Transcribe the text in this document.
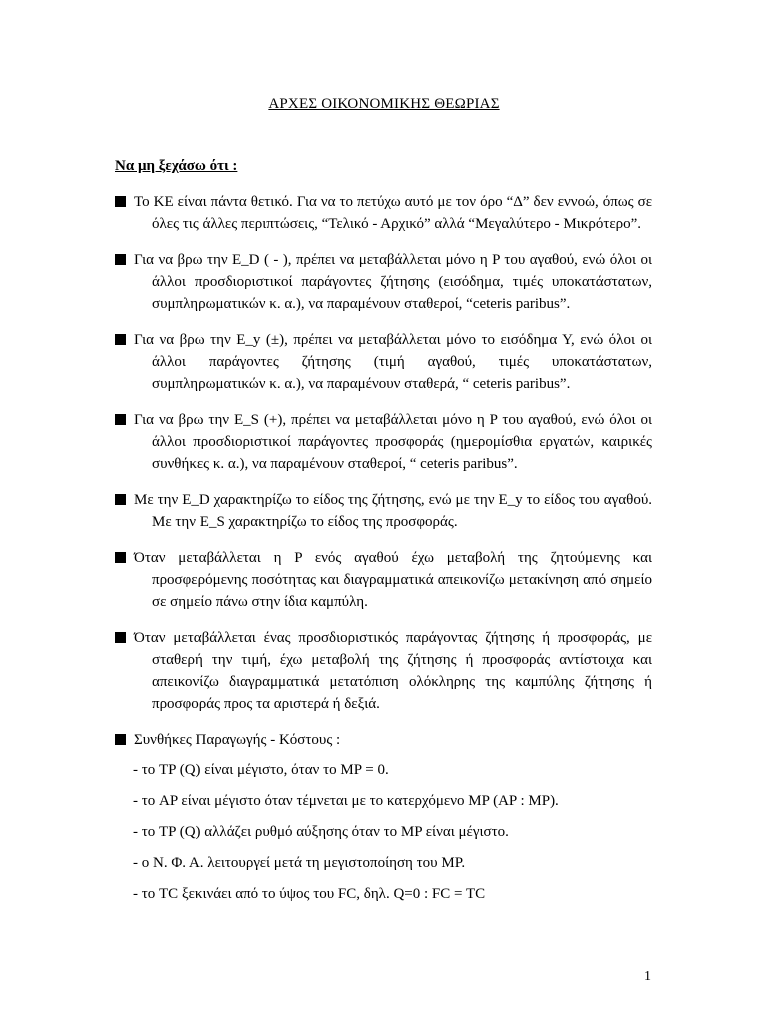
ΑΡΧΕΣ ΟΙΚΟΝΟΜΙΚΗΣ ΘΕΩΡΙΑΣ
Να μη ξεχάσω ότι :
Το ΚΕ είναι πάντα θετικό. Για να το πετύχω αυτό με τον όρο “Δ” δεν εννοώ, όπως σε όλες τις άλλες περιπτώσεις, “Τελικό - Αρχικό” αλλά “Μεγαλύτερο - Μικρότερο”.
Για να βρω την E_D ( - ), πρέπει να μεταβάλλεται μόνο η P του αγαθού, ενώ όλοι οι άλλοι προσδιοριστικοί παράγοντες ζήτησης (εισόδημα, τιμές υποκατάστατων, συμπληρωματικών κ. α.), να παραμένουν σταθεροί, “ceteris paribus”.
Για να βρω την E_y (±), πρέπει να μεταβάλλεται μόνο το εισόδημα Υ, ενώ όλοι οι άλλοι παράγοντες ζήτησης (τιμή αγαθού, τιμές υποκατάστατων, συμπληρωματικών κ. α.), να παραμένουν σταθερά, “ ceteris paribus”.
Για να βρω την E_S (+), πρέπει να μεταβάλλεται μόνο η P του αγαθού, ενώ όλοι οι άλλοι προσδιοριστικοί παράγοντες προσφοράς (ημερομίσθια εργατών, καιρικές συνθήκες κ. α.), να παραμένουν σταθεροί, “ ceteris paribus”.
Με την E_D χαρακτηρίζω το είδος της ζήτησης, ενώ με την E_y το είδος του αγαθού. Με την E_S χαρακτηρίζω το είδος της προσφοράς.
Όταν μεταβάλλεται η P ενός αγαθού έχω μεταβολή της ζητούμενης και προσφερόμενης ποσότητας και διαγραμματικά απεικονίζω μετακίνηση από σημείο σε σημείο πάνω στην ίδια καμπύλη.
Όταν μεταβάλλεται ένας προσδιοριστικός παράγοντας ζήτησης ή προσφοράς, με σταθερή την τιμή, έχω μεταβολή της ζήτησης ή προσφοράς αντίστοιχα και απεικονίζω διαγραμματικά μετατόπιση ολόκληρης της καμπύλης ζήτησης ή προσφοράς προς τα αριστερά ή δεξιά.
Συνθήκες Παραγωγής - Κόστους :
- το TP (Q) είναι μέγιστο, όταν το MP = 0.
- το AP είναι μέγιστο όταν τέμνεται με το κατερχόμενο MP (AP : MP).
- το TP (Q) αλλάζει ρυθμό αύξησης όταν το MP είναι μέγιστο.
- ο Ν. Φ. Α. λειτουργεί μετά τη μεγιστοποίηση του MP.
- το TC ξεκινάει από το ύψος του FC, δηλ. Q=0 : FC = TC
1
